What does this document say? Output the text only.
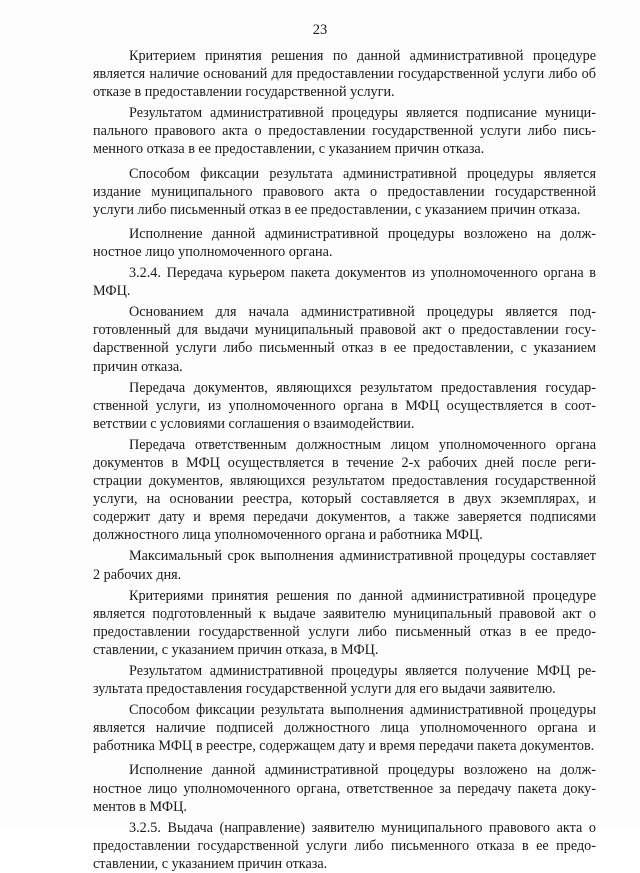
23

Критерием принятия решения по данной административной процедуре является наличие оснований для предоставлении государственной услуги либо об отказе в предоставлении государственной услуги.

Результатом административной процедуры является подписание муниципального правового акта о предоставлении государственной услуги либо письменного отказа в ее предоставлении, с указанием причин отказа.

Способом фиксации результата административной процедуры является издание муниципального правового акта о предоставлении государственной услуги либо письменный отказ в ее предоставлении, с указанием причин отказа.

Исполнение данной административной процедуры возложено на должностное лицо уполномоченного органа.

3.2.4. Передача курьером пакета документов из уполномоченного органа в МФЦ.

Основанием для начала административной процедуры является подготовленный для выдачи муниципальный правовой акт о предоставлении госуdарственной услуги либо письменный отказ в ее предоставлении, с указанием причин отказа.

Передача документов, являющихся результатом предоставления государственной услуги, из уполномоченного органа в МФЦ осуществляется в соответствии с условиями соглашения о взаимодействии.

Передача ответственным должностным лицом уполномоченного органа документов в МФЦ осуществляется в течение 2-х рабочих дней после регистрации документов, являющихся результатом предоставления государственной услуги, на основании реестра, который составляется в двух экземплярах, и содержит дату и время передачи документов, а также заверяется подписями должностного лица уполномоченного органа и работника МФЦ.

Максимальный срок выполнения административной процедуры составляет 2 рабочих дня.

Критериями принятия решения по данной административной процедуре является подготовленный к выдаче заявителю муниципальный правовой акт о предоставлении государственной услуги либо письменный отказ в ее предоставлении, с указанием причин отказа, в МФЦ.

Результатом административной процедуры является получение МФЦ результата предоставления государственной услуги для его выдачи заявителю.

Способом фиксации результата выполнения административной процедуры является наличие подписей должностного лица уполномоченного органа и работника МФЦ в реестре, содержащем дату и время передачи пакета документов.

Исполнение данной административной процедуры возложено на должностное лицо уполномоченного органа, ответственное за передачу пакета документов в МФЦ.

3.2.5. Выдача (направление) заявителю муниципального правового акта о предоставлении государственной услуги либо письменного отказа в ее предоставлении, с указанием причин отказа.
